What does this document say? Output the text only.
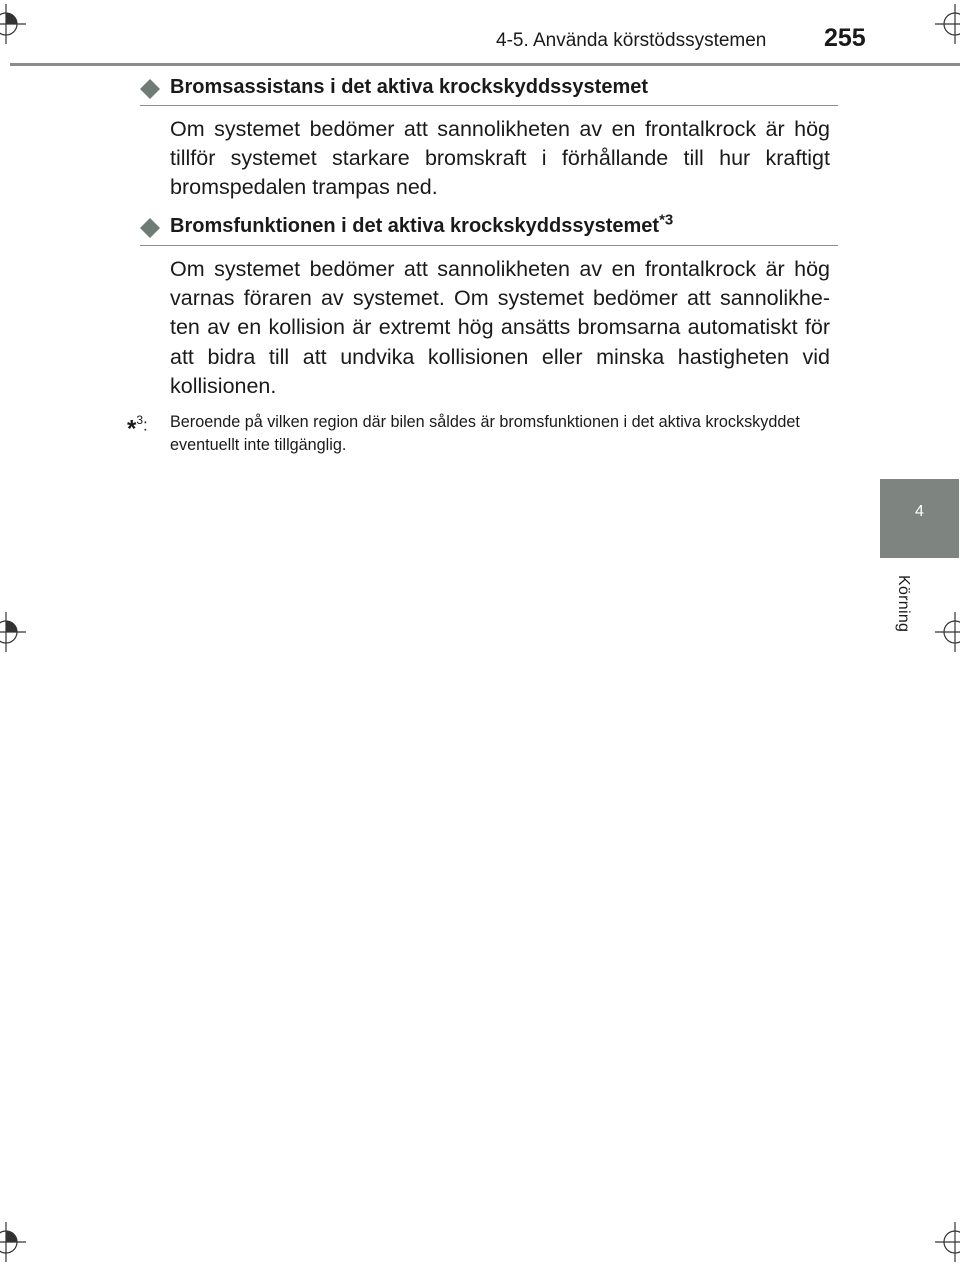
4-5. Använda körstödssystemen 255
4
Körning
Bromsassistans i det aktiva krockskyddssystemet

Om systemet bedömer att sannolikheten av en frontalkrock är hög tillför systemet starkare bromskraft i förhållande till hur kraftigt bromspedalen trampas ned.

Bromsfunktionen i det aktiva krockskyddssystemet$^{*3}$

Om systemet bedömer att sannolikheten av en frontalkrock är hög varnas föraren av systemet. Om systemet bedömer att sannolikhe-ten av en kollision är extremt hög ansätts bromsarna automatiskt för att bidra till att undvika kollisionen eller minska hastigheten vid kollisionen.

*$^3$: Beroende på vilken region där bilen såldes är bromsfunktionen i det aktiva krockskyddet eventuellt inte tillgänglig.
